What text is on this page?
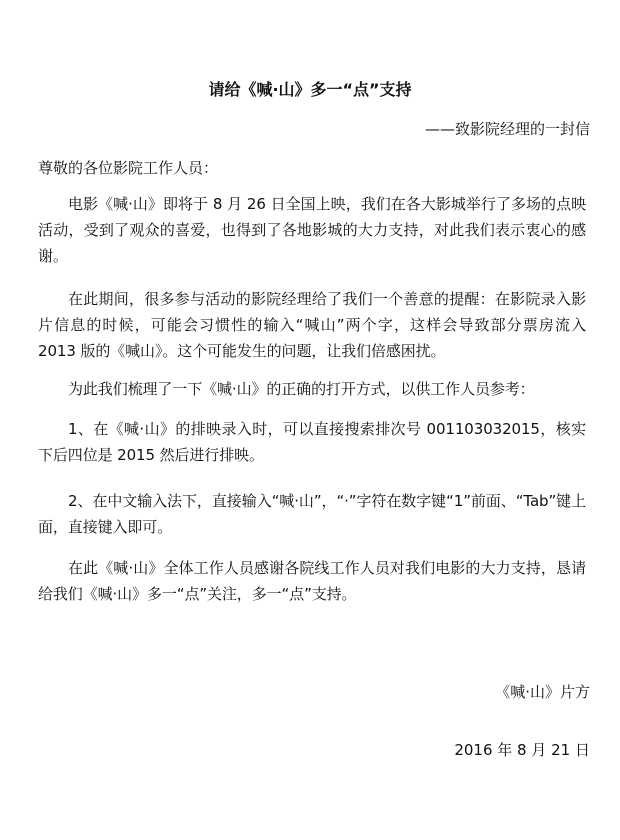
请给《喊·山》多一“点”支持
——致影院经理的一封信
尊敬的各位影院工作人员：

电影《喊·山》即将于 8 月 26 日全国上映，我们在各大影城举行了多场的点映活动，受到了观众的喜爱，也得到了各地影城的大力支持，对此我们表示衷心的感谢。

在此期间，很多参与活动的影院经理给了我们一个善意的提醒：在影院录入影片信息的时候，可能会习惯性的输入“喊山”两个字，这样会导致部分票房流入 2013 版的《喊山》。这个可能发生的问题，让我们倍感困扰。

为此我们梳理了一下《喊·山》的正确的打开方式，以供工作人员参考：

1、在《喊·山》的排映录入时，可以直接搜索排次号 001103032015，核实下后四位是 2015 然后进行排映。

2、在中文输入法下，直接输入“喊·山”，“·”字符在数字键“1”前面、“Tab”键上面，直接键入即可。

在此《喊·山》全体工作人员感谢各院线工作人员对我们电影的大力支持，恳请给我们《喊·山》多一“点”关注，多一“点”支持。

《喊·山》片方
2016 年 8 月 21 日
